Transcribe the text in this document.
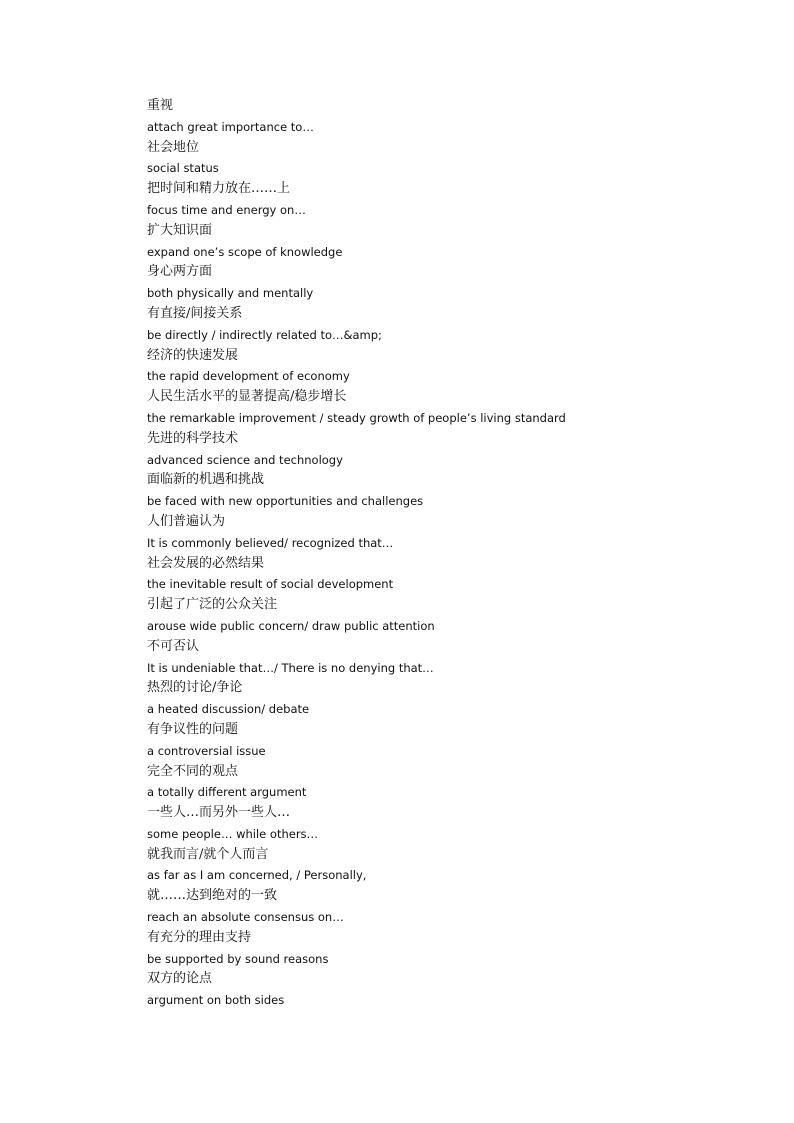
重视
attach great importance to…
社会地位
social status
把时间和精力放在……上
focus time and energy on…
扩大知识面
expand one’s scope of knowledge
身心两方面
both physically and mentally
有直接/间接关系
be directly / indirectly related to…&amp;
经济的快速发展
the rapid development of economy
人民生活水平的显著提高/稳步增长
the remarkable improvement / steady growth of people’s living standard
先进的科学技术
advanced science and technology
面临新的机遇和挑战
be faced with new opportunities and challenges
人们普遍认为
It is commonly believed/ recognized that…
社会发展的必然结果
the inevitable result of social development
引起了广泛的公众关注
arouse wide public concern/ draw public attention
不可否认
It is undeniable that…/ There is no denying that…
热烈的讨论/争论
a heated discussion/ debate
有争议性的问题
a controversial issue
完全不同的观点
a totally different argument
一些人…而另外一些人…
some people… while others…
就我而言/就个人而言
as far as I am concerned, / Personally,
就……达到绝对的一致
reach an absolute consensus on…
有充分的理由支持
be supported by sound reasons
双方的论点
argument on both sides
